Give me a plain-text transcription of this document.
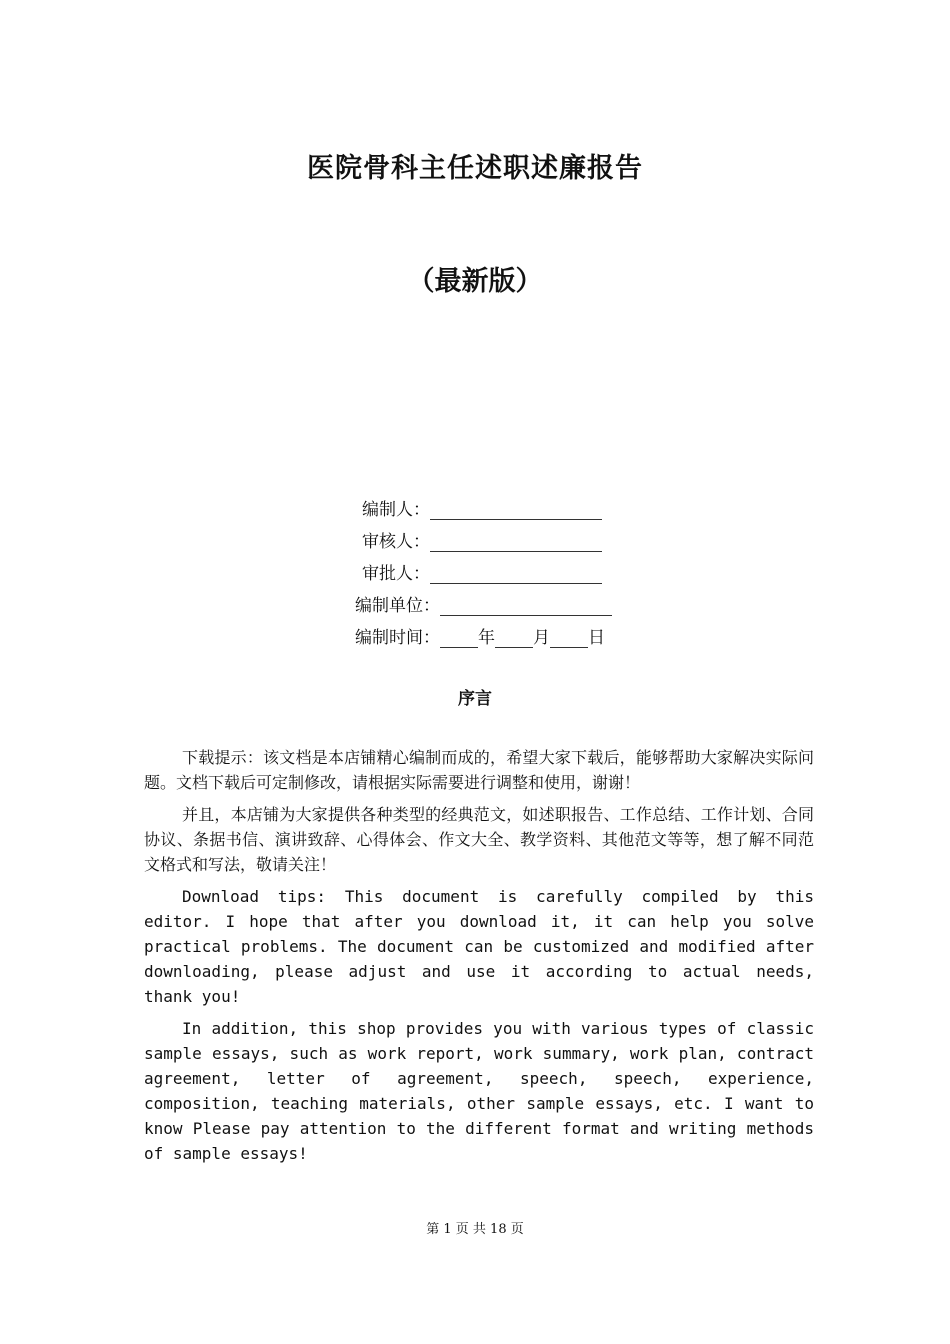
医院骨科主任述职述廉报告
（最新版）
编制人：
审核人：
审批人：
编制单位：
编制时间： 年 月 日
序言

下载提示：该文档是本店铺精心编制而成的，希望大家下载后，能够帮助大家解决实际问题。文档下载后可定制修改，请根据实际需要进行调整和使用，谢谢！

并且，本店铺为大家提供各种类型的经典范文，如述职报告、工作总结、工作计划、合同协议、条据书信、演讲致辞、心得体会、作文大全、教学资料、其他范文等等，想了解不同范文格式和写法，敬请关注！

Download tips: This document is carefully compiled by this editor. I hope that after you download it, it can help you solve practical problems. The document can be customized and modified after downloading, please adjust and use it according to actual needs, thank you!

In addition, this shop provides you with various types of classic sample essays, such as work report, work summary, work plan, contract agreement, letter of agreement, speech, speech, experience, composition, teaching materials, other sample essays, etc. I want to know Please pay attention to the different format and writing methods of sample essays!

第 1 页 共 18 页
